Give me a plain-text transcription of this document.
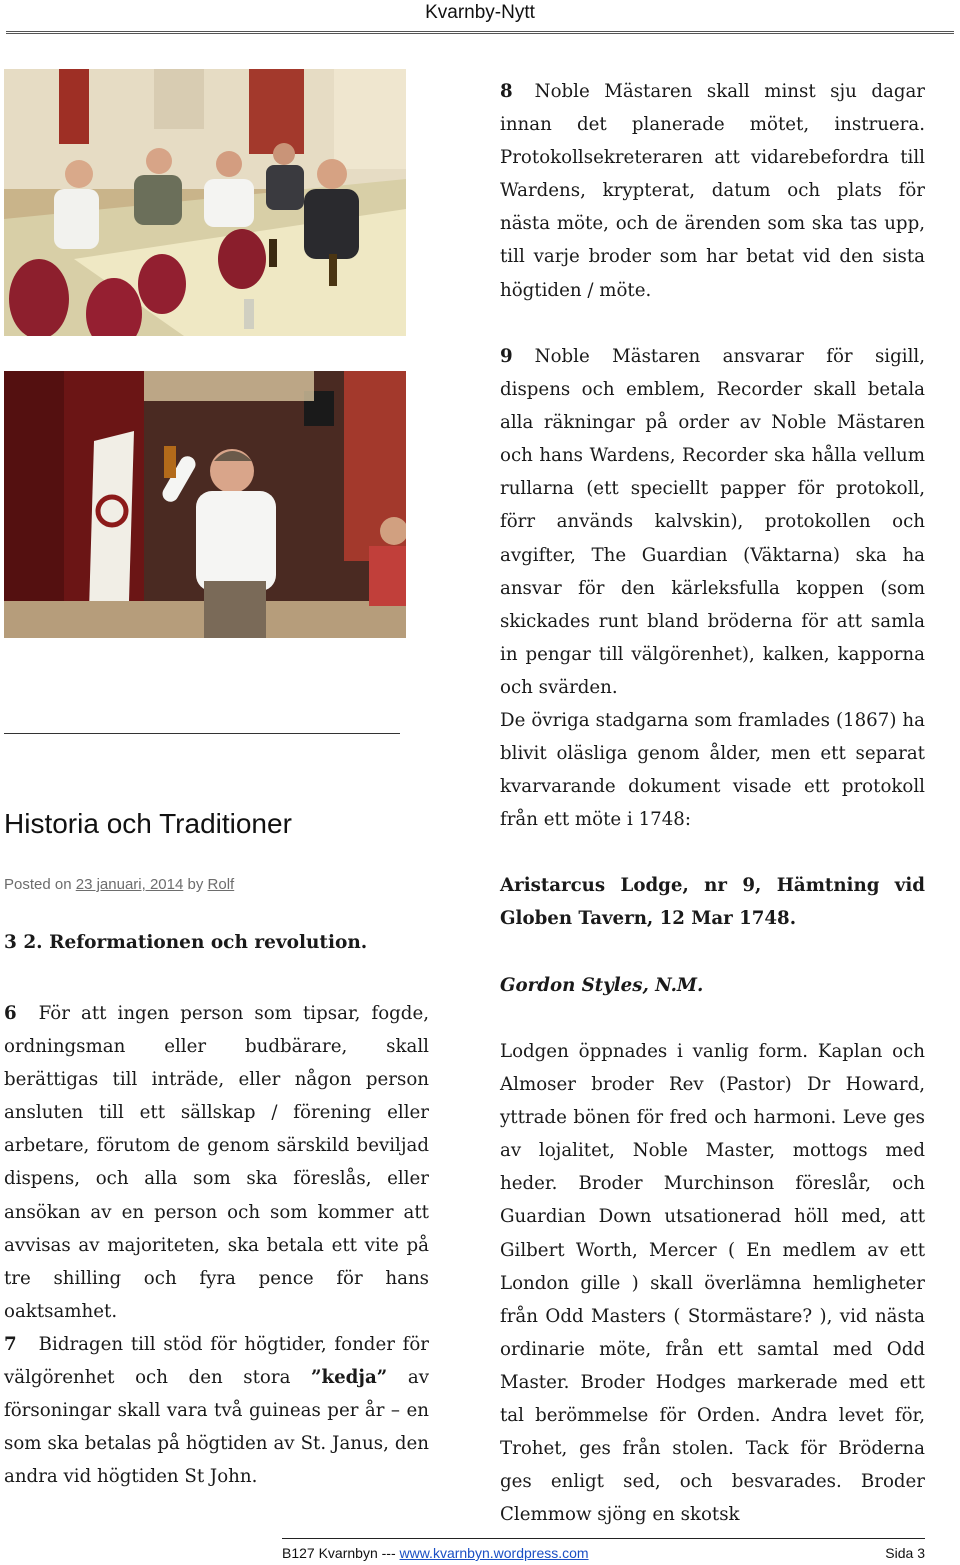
Kvarnby-Nytt

8 Noble Mästaren skall minst sju dagar innan det planerade mötet, instruera. Protokollsekreteraren att vidarebefordra till Wardens, krypterat, datum och plats för nästa möte, och de ärenden som ska tas upp, till varje broder som har betat vid den sista högtiden / möte.

9 Noble Mästaren ansvarar för sigill, dispens och emblem, Recorder skall betala alla räkningar på order av Noble Mästaren och hans Wardens, Recorder ska hålla vellum rullarna (ett speciellt papper för protokoll, förr används kalvskin), protokollen och avgifter, The Guardian (Väktarna) ska ha ansvar för den kärleksfulla koppen (som skickades runt bland bröderna för att samla in pengar till välgörenhet), kalken, kapporna och svärden.

De övriga stadgarna som framlades (1867) ha blivit oläsliga genom ålder, men ett separat kvarvarande dokument visade ett protokoll från ett möte i 1748:

Aristarcus Lodge, nr 9, Hämtning vid Globen Tavern, 12 Mar 1748.

Gordon Styles, N.M.

Lodgen öppnades i vanlig form. Kaplan och Almoser broder Rev (Pastor) Dr Howard, yttrade bönen för fred och harmoni. Leve ges av lojalitet, Noble Master, mottogs med heder. Broder Murchinson föreslår, och Guardian Down utsationerad höll med, att Gilbert Worth, Mercer ( En medlem av ett London gille ) skall överlämna hemligheter från Odd Masters ( Stormästare? ), vid nästa ordinarie möte, från ett samtal med Odd Master. Broder Hodges markerade med ett tal berömmelse för Orden. Andra levet för, Trohet, ges från stolen. Tack för Bröderna ges enligt sed, och besvarades. Broder Clemmow sjöng en skotsk

Historia och Traditioner
Posted on 23 januari, 2014 by Rolf
3 2. Reformationen och revolution.

6 För att ingen person som tipsar, fogde, ordningsman eller budbärare, skall berättigas till inträde, eller någon person ansluten till ett sällskap / förening eller arbetare, förutom de genom särskild beviljad dispens, och alla som ska föreslås, eller ansökan av en person och som kommer att avvisas av majoriteten, ska betala ett vite på tre shilling och fyra pence för hans oaktsamhet.

7 Bidragen till stöd för högtider, fonder för välgörenhet och den stora ”kedja” av försoningar skall vara två guineas per år – en som ska betalas på högtiden av St. Janus, den andra vid högtiden St John.

B127 Kvarnbyn --- www.kvarnbyn.wordpress.com	Sida 3
